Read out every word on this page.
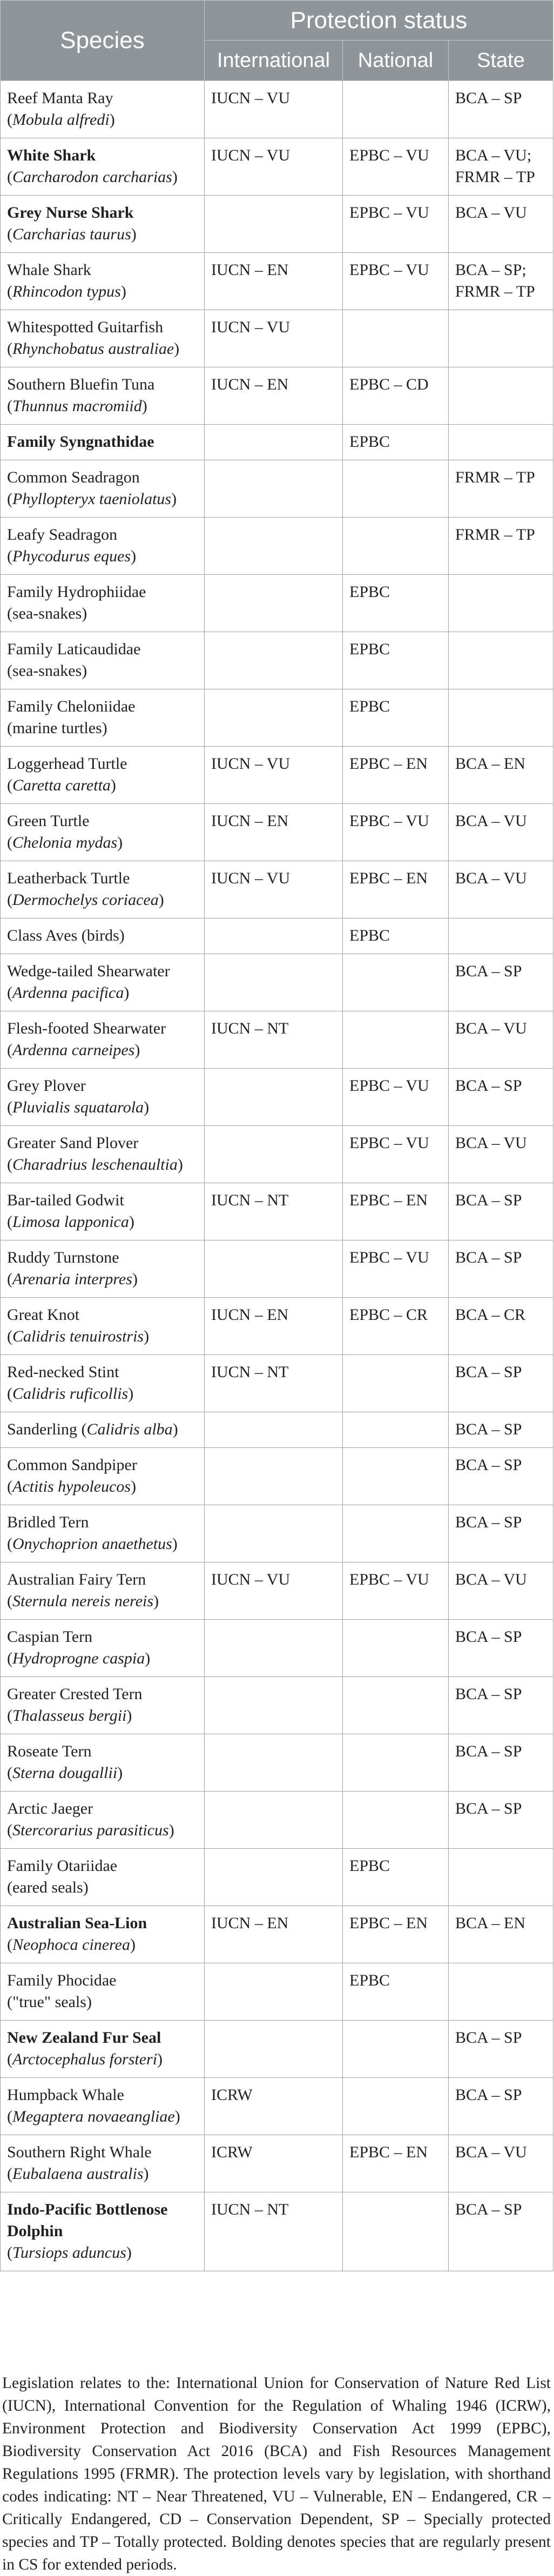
Species	Protection status		
	International	National	State

Reef Manta Ray
(Mobula alfredi)	IUCN – VU		BCA – SP

White Shark
(Carcharodon carcharias)	IUCN – VU	EPBC – VU	BCA – VU; FRMR – TP

Grey Nurse Shark
(Carcharias taurus)		EPBC – VU	BCA – VU

Whale Shark
(Rhincodon typus)	IUCN – EN	EPBC – VU	BCA – SP; FRMR – TP

Whitespotted Guitarfish
(Rhynchobatus australiae)	IUCN – VU		

Southern Bluefin Tuna
(Thunnus macromiid)	IUCN – EN	EPBC – CD	

Family Syngnathidae		EPBC	

Common Seadragon
(Phyllopteryx taeniolatus)			FRMR – TP

Leafy Seadragon
(Phycodurus eques)			FRMR – TP

Family Hydrophiidae
(sea-snakes)		EPBC	

Family Laticaudidae
(sea-snakes)		EPBC	

Family Cheloniidae
(marine turtles)		EPBC	

Loggerhead Turtle
(Caretta caretta)	IUCN – VU	EPBC – EN	BCA – EN

Green Turtle
(Chelonia mydas)	IUCN – EN	EPBC – VU	BCA – VU

Leatherback Turtle
(Dermochelys coriacea)	IUCN – VU	EPBC – EN	BCA – VU

Class Aves (birds)		EPBC	

Wedge-tailed Shearwater
(Ardenna pacifica)			BCA – SP

Flesh-footed Shearwater
(Ardenna carneipes)	IUCN – NT		BCA – VU

Grey Plover
(Pluvialis squatarola)		EPBC – VU	BCA – SP

Greater Sand Plover
(Charadrius leschenaultia)		EPBC – VU	BCA – VU

Bar-tailed Godwit
(Limosa lapponica)	IUCN – NT	EPBC – EN	BCA – SP

Ruddy Turnstone
(Arenaria interpres)		EPBC – VU	BCA – SP

Great Knot
(Calidris tenuirostris)	IUCN – EN	EPBC – CR	BCA – CR

Red-necked Stint
(Calidris ruficollis)	IUCN – NT		BCA – SP
Sanderling (Calidris alba)			BCA – SP

Common Sandpiper
(Actitis hypoleucos)			BCA – SP

Bridled Tern
(Onychoprion anaethetus)			BCA – SP

Australian Fairy Tern
(Sternula nereis nereis)	IUCN – VU	EPBC – VU	BCA – VU

Caspian Tern
(Hydroprogne caspia)			BCA – SP

Greater Crested Tern
(Thalasseus bergii)			BCA – SP

Roseate Tern
(Sterna dougallii)			BCA – SP

Arctic Jaeger
(Stercorarius parasiticus)			BCA – SP

Family Otariidae
(eared seals)		EPBC	

Australian Sea-Lion
(Neophoca cinerea)	IUCN – EN	EPBC – EN	BCA – EN

Family Phocidae
("true" seals)		EPBC	

New Zealand Fur Seal
(Arctocephalus forsteri)			BCA – SP

Humpback Whale
(Megaptera novaeangliae)	ICRW		BCA – SP

Southern Right Whale
(Eubalaena australis)	ICRW	EPBC – EN	BCA – VU

Indo-Pacific Bottlenose Dolphin
(Tursiops aduncus)	IUCN – NT		BCA – SP
Legislation relates to the: International Union for Conservation of Nature Red List (IUCN), International Convention for the Regulation of Whaling 1946 (ICRW), Environment Protection and Biodiversity Conservation Act 1999 (EPBC), Biodiversity Conservation Act 2016 (BCA) and Fish Resources Management Regulations 1995 (FRMR). The protection levels vary by legislation, with shorthand codes indicating: NT – Near Threatened, VU – Vulnerable, EN – Endangered, CR – Critically Endangered, CD – Conservation Dependent, SP – Specially protected species and TP – Totally protected. Bolding denotes species that are regularly present in CS for extended periods.
